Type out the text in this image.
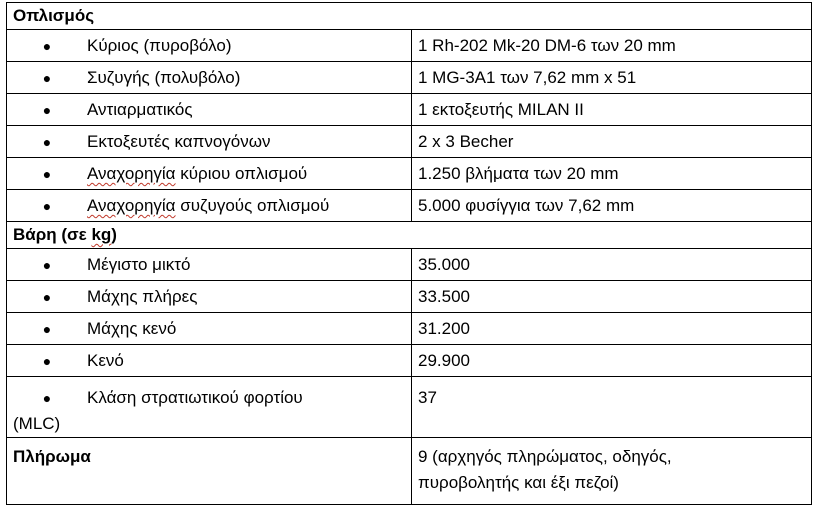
Οπλισμός	

● Κύριος (πυροβόλο)	1 Rh-202 Mk-20 DM-6 των 20 mm

● Συζυγής (πολυβόλο)	1 MG-3A1 των 7,62 mm x 51

● Αντιαρματικός	1 εκτοξευτής MILAN II

● Εκτοξευτές καπνογόνων	2 x 3 Becher

● Αναχορηγία κύριου οπλισμού	1.250 βλήματα των 20 mm

● Αναχορηγία συζυγούς οπλισμού	5.000 φυσίγγια των 7,62 mm

Βάρη (σε kg)	

● Μέγιστο μικτό	35.000

● Μάχης πλήρες	33.500

● Μάχης κενό	31.200

● Κενό	29.900

● Κλάση στρατιωτικού φορτίου
(MLC)	37

Πλήρωμα	9 (αρχηγός πληρώματος, οδηγός,
πυροβολητής και έξι πεζοί)
